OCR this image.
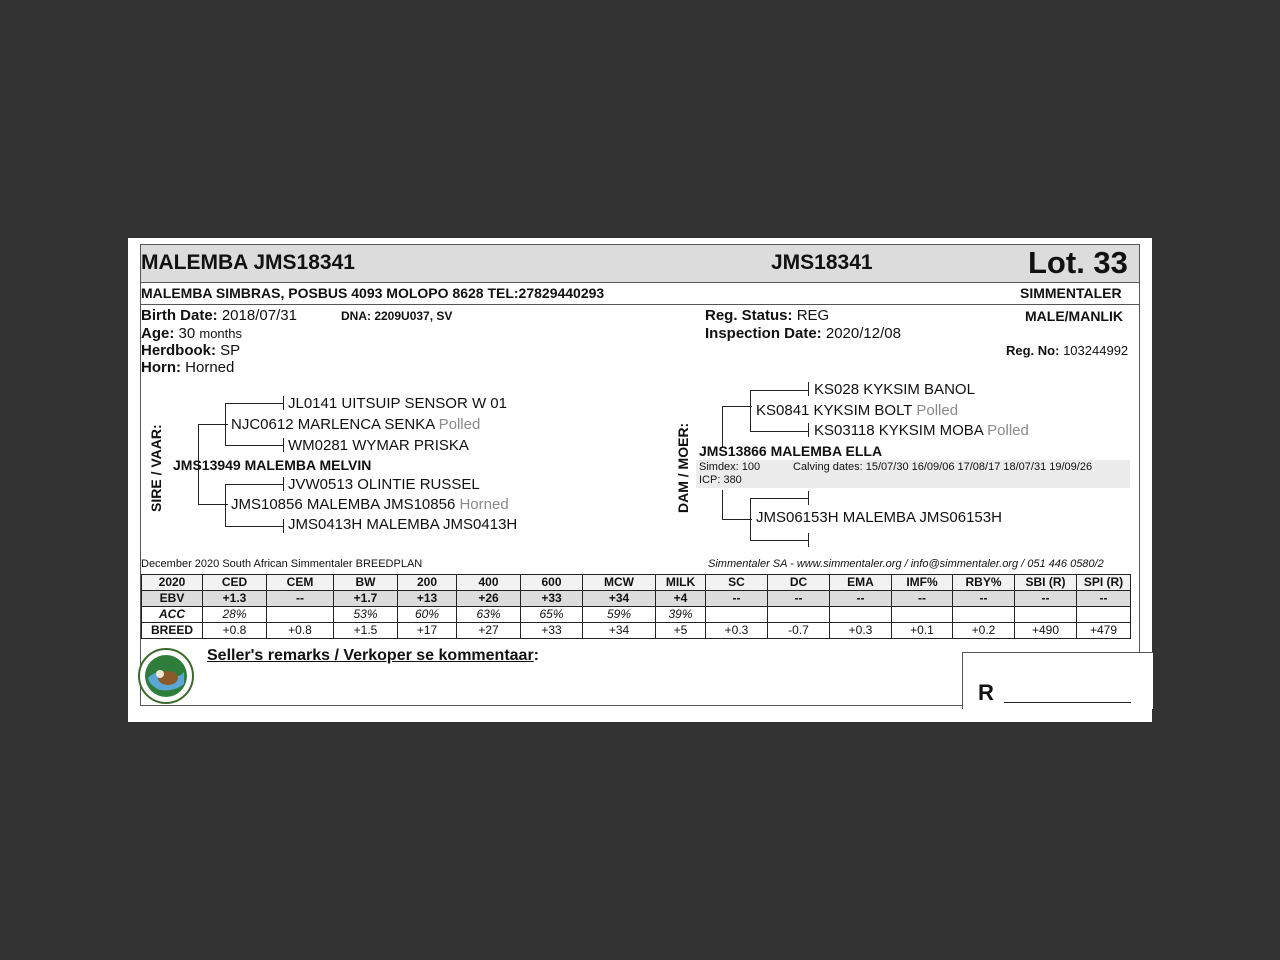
MALEMBA JMS18341	JMS18341	Lot. 33
MALEMBA SIMBRAS, POSBUS 4093 MOLOPO 8628 TEL:27829440293	SIMMENTALER
Birth Date: 2018/07/31	DNA: 2209U037, SV
Age: 30 months
Herdbook: SP
Horn: Horned
Reg. Status: REG
Inspection Date: 2020/12/08
MALE/MANLIK
Reg. No: 103244992
SIRE / VAAR:
JL0141 UITSUIP SENSOR W 01
NJC0612 MARLENCA SENKA Polled
WM0281 WYMAR PRISKA
JMS13949 MALEMBA MELVIN
JVW0513 OLINTIE RUSSEL
JMS10856 MALEMBA JMS10856 Horned
JMS0413H MALEMBA JMS0413H
DAM / MOER:
KS028 KYKSIM BANOL
KS0841 KYKSIM BOLT Polled
KS03118 KYKSIM MOBA Polled
JMS13866 MALEMBA ELLA
Simdex: 100
ICP: 380
Calving dates: 15/07/30 16/09/06 17/08/17 18/07/31 19/09/26
JMS06153H MALEMBA JMS06153H
December 2020 South African Simmentaler BREEDPLAN	Simmentaler SA - www.simmentaler.org / info@simmentaler.org / 051 446 0580/2
2020	CED	CEM	BW	200	400	600	MCW	MILK	SC	DC	EMA	IMF%	RBY%	SBI (R)	SPI (R)
EBV	+1.3	--	+1.7	+13	+26	+33	+34	+4	--	--	--	--	--	--	--
ACC	28%		53%	60%	63%	65%	59%	39%							
BREED	+0.8	+0.8	+1.5	+17	+27	+33	+34	+5	+0.3	-0.7	+0.3	+0.1	+0.2	+490	+479
Seller's remarks / Verkoper se kommentaar:
R
